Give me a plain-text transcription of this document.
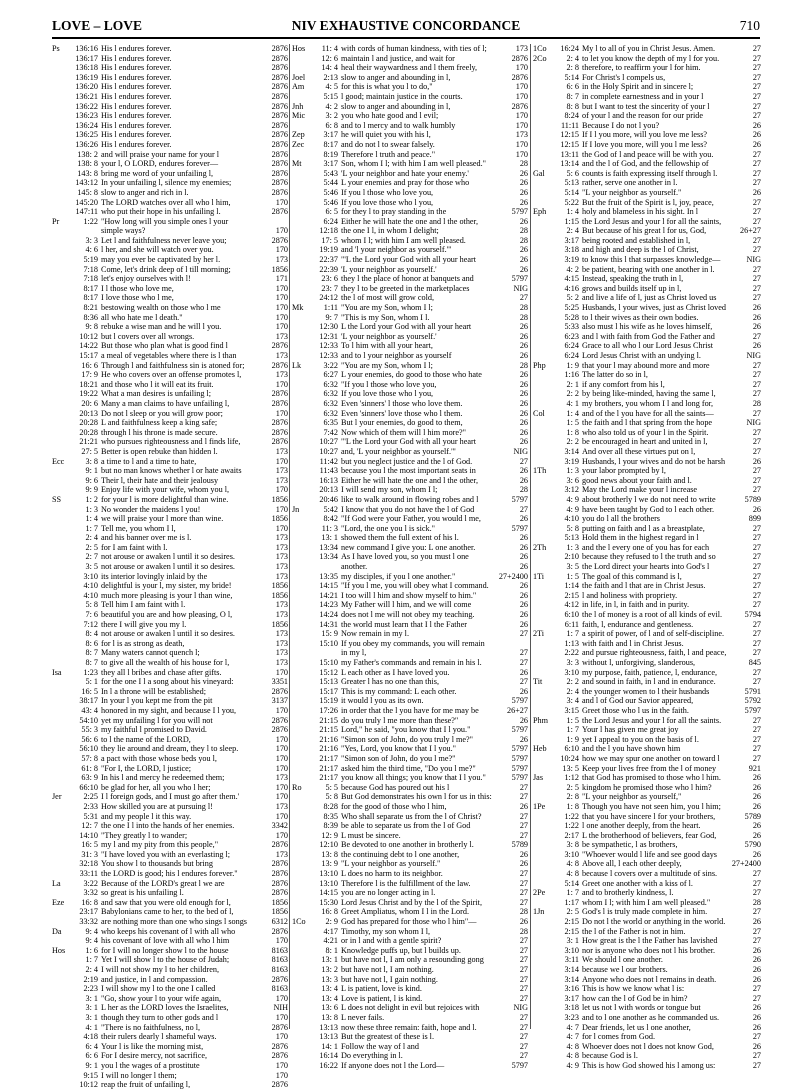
LOVE – LOVE	NIV EXHAUSTIVE CONCORDANCE	710
Ps	136:16 His l endures forever.	2876
136:17 His l endures forever.	2876
136:18 His l endures forever.	2876
136:19 His l endures forever.	2876
136:20 His l endures forever.	2876
136:21 His l endures forever.	2876
136:22 His l endures forever.	2876
136:23 His l endures forever.	2876
136:24 His l endures forever.	2876
136:25 His l endures forever.	2876
136:26 His l endures forever.	2876
138: 2 and will praise your name for your l	2876
138: 8 your l, O LORD, endures forever—	2876
143: 8 bring me word of your unfailing l,	2876
143:12 In your unfailing l, silence my enemies;	2876
145: 8 slow to anger and rich in l.	2876
145:20 The LORD watches over all who l him,	170
147:11 who put their hope in his unfailing l.	2876
Pr	1:22 "How long will you simple ones l your
simple ways?	170
3: 3 Let l and faithfulness never leave you;	2876
4: 6 l her, and she will watch over you.	170
5:19 may you ever be captivated by her l.	173
7:18 Come, let's drink deep of l till morning;	1856
7:18 let's enjoy ourselves with l!	171
8:17 I l those who love me,	170
8:17 I love those who l me,	170
8:21 bestowing wealth on those who l me	170
8:36 all who hate me l death."	170
9: 8 rebuke a wise man and he will l you.	170
10:12 but l covers over all wrongs.	173
14:22 But those who plan what is good find l	2876
15:17 a meal of vegetables where there is l than	173
16: 6 Through l and faithfulness sin is atoned for;	2876
17: 9 He who covers over an offense promotes l,	173
18:21 and those who l it will eat its fruit.	170
19:22 What a man desires is unfailing l;	2876
20: 6 Many a man claims to have unfailing l,	2876
20:13 Do not l sleep or you will grow poor;	170
20:28 L and faithfulness keep a king safe;	2876
20:28 through l his throne is made secure.	2876
21:21 who pursues righteousness and l finds life,	2876
27: 5 Better is open rebuke than hidden l.	173
Ecc	3: 8 a time to l and a time to hate,	170
9: 1 but no man knows whether l or hate awaits	173
9: 6 Their l, their hate and their jealousy	173
9: 9 Enjoy life with your wife, whom you l,	170
SS	1: 2 for your l is more delightful than wine.	1856
1: 3 No wonder the maidens l you!	170
1: 4 we will praise your l more than wine.	1856
1: 7 Tell me, you whom I l,	170
2: 4 and his banner over me is l.	173
2: 5 for I am faint with l.	173
2: 7 not arouse or awaken l until it so desires.	173
3: 5 not arouse or awaken l until it so desires.	173
3:10 its interior lovingly inlaid by the	173
4:10 delightful is your l, my sister, my bride!	1856
4:10 much more pleasing is your l than wine,	1856
5: 8 Tell him I am faint with l.	173
7: 6 beautiful you are and how pleasing, O l,	173
7:12 there I will give you my l.	1856
8: 4 not arouse or awaken l until it so desires.	173
8: 6 for l is as strong as death,	173
8: 7 Many waters cannot quench l;	173
8: 7 to give all the wealth of his house for l,	173
Isa	1:23 they all l bribes and chase after gifts.	170
5: 1 for the one I l a song about his vineyard:	3351
16: 5 In l a throne will be established;	2876
38:17 In your l you kept me from the pit	3137
43: 4 honored in my sight, and because I l you,	170
54:10 yet my unfailing l for you will not	2876
55: 3 my faithful l promised to David.	2876
56: 6 to l the name of the LORD,	170
56:10 they lie around and dream, they l to sleep.	170
57: 8 a pact with those whose beds you l,	170
61: 8 "For I, the LORD, l justice;	170
63: 9 In his l and mercy he redeemed them;	173
66:10 be glad for her, all you who l her;	170
Jer	2:25 I l foreign gods, and I must go after them.'	170
2:33 How skilled you are at pursuing l!	173
5:31 and my people l it this way.	170
12: 7 the one I l into the hands of her enemies.	3342
14:10 "They greatly l to wander;	170
16: 5 my l and my pity from this people,"	2876
31: 3 "I have loved you with an everlasting l;	173
32:18 You show l to thousands but bring	2876
33:11 the LORD is good; his l endures forever."	2876
La	3:22 Because of the LORD's great l we are	2876
3:32 so great is his unfailing l.	2876
Eze	16: 8 and saw that you were old enough for l,	1856
23:17 Babylonians came to her, to the bed of l,	1856
33:32 are nothing more than one who sings l songs	6312
Da	9: 4 who keeps his covenant of l with all who	2876
9: 4 his covenant of love with all who l him	170
Hos	1: 6 for I will no longer show l to the house	8163
1: 7 Yet I will show l to the house of Judah;	8163
2: 4 I will not show my l to her children,	8163
2:19 and justice, in l and compassion.	2876
2:23 I will show my l to the one I called	8163
3: 1 "Go, show your l to your wife again,	170
3: 1 L her as the LORD loves the Israelites,	NIH
3: 1 though they turn to other gods and l	170
4: 1 "There is no faithfulness, no l,	2876
4:18 their rulers dearly l shameful ways.	170
6: 4 Your l is like the morning mist,	2876
6: 6 For I desire mercy, not sacrifice,	2876
9: 1 you l the wages of a prostitute	170
9:15 I will no longer l them;	170
10:12 reap the fruit of unfailing l,	2876
Hos	11: 4 with cords of human kindness, with ties of l;	173
12: 6 maintain l and justice, and wait for	2876
14: 4 heal their waywardness and l them freely,	170
Joel	2:13 slow to anger and abounding in l,	2876
Am	4: 5 for this is what you l to do,"	170
5:15 l good; maintain justice in the courts.	170
Jnh	4: 2 slow to anger and abounding in l,	2876
Mic	3: 2 you who hate good and l evil;	170
6: 8 and to l mercy and to walk humbly	170
Zep	3:17 he will quiet you with his l,	173
Zec	8:17 and do not l to swear falsely.	170
8:19 Therefore l truth and peace."	170
Mt	3:17 Son, whom I l; with him I am well pleased."	28
5:43 'L your neighbor and hate your enemy.'	26
5:44 L your enemies and pray for those who	26
5:46 If you l those who love you,	26
5:46 If you love those who l you,	26
6: 5 for they l to pray standing in the	5797
6:24 Either he will hate the one and l the other,	26
12:18 the one I l, in whom I delight;	28
17: 5 whom I l; with him I am well pleased.	28
19:19 and 'l your neighbor as yourself.'"	26
22:37 "'L the Lord your God with all your heart	26
22:39 'L your neighbor as yourself.'	26
23: 6 they l the place of honor at banquets and	5797
23: 7 they l to be greeted in the marketplaces	NIG
24:12 the l of most will grow cold,	27
Mk	1:11 "You are my Son, whom I l;	28
9: 7 "This is my Son, whom I l.	28
12:30 L the Lord your God with all your heart	26
12:31 'L your neighbor as yourself.'	26
12:33 To l him with all your heart,	26
12:33 and to l your neighbor as yourself	26
Lk	3:22 "You are my Son, whom I l;	28
6:27 L your enemies, do good to those who hate	26
6:32 "If you l those who love you,	26
6:32 If you love those who l you,	26
6:32 Even 'sinners' l those who love them.	26
6:32 Even 'sinners' love those who l them.	26
6:35 But l your enemies, do good to them,	26
7:42 Now which of them will l him more?"	26
10:27 "'L the Lord your God with all your heart	26
10:27 and, 'L your neighbor as yourself.'"	NIG
11:42 but you neglect justice and the l of God.	27
11:43 because you l the most important seats in	26
16:13 Either he will hate the one and l the other,	26
20:13 I will send my son, whom I l;	28
20:46 like to walk around in flowing robes and l	5797
Jn	5:42 I know that you do not have the l of God	27
8:42 "If God were your Father, you would l me,	26
11: 3 "Lord, the one you l is sick."	5797
13: 1 showed them the full extent of his l.	26
13:34 new command I give you: L one another.	26
13:34 As I have loved you, so you must l one	26
another.	26
13:35 my disciples, if you l one another."	27+2400
14:15 "If you l me, you will obey what I command.	26
14:21 I too will l him and show myself to him."	26
14:23 My Father will l him, and we will come	26
14:24 does not l me will not obey my teaching.	26
14:31 the world must learn that I l the Father	26
15: 9 Now remain in my l.	27
15:10 If you obey my commands, you will remain
in my l,	27
15:10 my Father's commands and remain in his l.	27
15:12 L each other as I have loved you.	26
15:13 Greater l has no one than this,	27
15:17 This is my command: L each other.	26
15:19 it would l you as its own.	5797
17:26 in order that the l you have for me may be	26+27
21:15 do you truly l me more than these?"	26
21:15 Lord," he said, "you know that I l you."	5797
21:16 "Simon son of John, do you truly l me?"	26
21:16 "Yes, Lord, you know that I l you."	5797
21:17 "Simon son of John, do you l me?"	5797
21:17 asked him the third time, "Do you l me?"	5797
21:17 you know all things; you know that I l you."	5797
Ro	5: 5 because God has poured out his l	27
5: 8 But God demonstrates his own l for us in this:	27
8:28 for the good of those who l him,	26
8:35 Who shall separate us from the l of Christ?	27
8:39 be able to separate us from the l of God	27
12: 9 L must be sincere.	27
12:10 Be devoted to one another in brotherly l.	5789
13: 8 the continuing debt to l one another,	26
13: 9 "L your neighbor as yourself."	26
13:10 L does no harm to its neighbor.	27
13:10 Therefore l is the fulfillment of the law.	27
14:15 you are no longer acting in l.	27
15:30 Lord Jesus Christ and by the l of the Spirit,	27
16: 8 Greet Ampliatus, whom I l in the Lord.	28
1Co	2: 9 God has prepared for those who l him"—	26
4:17 Timothy, my son whom I l,	28
4:21 or in l and with a gentle spirit?	27
8: 1 Knowledge puffs up, but l builds up.	27
13: 1 but have not l, I am only a resounding gong	27
13: 2 but have not l, I am nothing.	27
13: 3 but have not l, I gain nothing.	27
13: 4 L is patient, love is kind.	27
13: 4 Love is patient, l is kind.	27
13: 6 L does not delight in evil but rejoices with	NIG
13: 8 L never fails.	27
13:13 now these three remain: faith, hope and l.	27
13:13 But the greatest of these is l.	27
14: 1 Follow the way of l and	27
16:14 Do everything in l.	27
16:22 If anyone does not l the Lord—	5797
1Co	16:24 My l to all of you in Christ Jesus. Amen.	27
2Co	2: 4 to let you know the depth of my l for you.	27
2: 8 therefore, to reaffirm your l for him.	27
5:14 For Christ's l compels us,	27
6: 6 in the Holy Spirit and in sincere l;	27
8: 7 in complete earnestness and in your l	27
8: 8 but I want to test the sincerity of your l	27
8:24 of your l and the reason for our pride	27
11:11 Because I do not l you?	26
12:15 If I l you more, will you love me less?	26
12:15 If I love you more, will you l me less?	26
13:11 the God of l and peace will be with you.	27
13:14 and the l of God, and the fellowship of	27
Gal	5: 6 counts is faith expressing itself through l.	27
5:13 rather, serve one another in l.	27
5:14 "L your neighbor as yourself."	26
5:22 But the fruit of the Spirit is l, joy, peace,	27
Eph	1: 4 holy and blameless in his sight. In l	27
1:15 the Lord Jesus and your l for all the saints,	27
2: 4 But because of his great l for us, God,	26+27
3:17 being rooted and established in l,	27
3:18 and high and deep is the l of Christ,	27
3:19 to know this l that surpasses knowledge—	NIG
4: 2 be patient, bearing with one another in l.	27
4:15 Instead, speaking the truth in l,	27
4:16 grows and builds itself up in l,	27
5: 2 and live a life of l, just as Christ loved us	27
5:25 Husbands, l your wives, just as Christ loved	26
5:28 to l their wives as their own bodies.	26
5:33 also must l his wife as he loves himself,	26
6:23 and l with faith from God the Father and	27
6:24 Grace to all who l our Lord Jesus Christ	26
6:24 Lord Jesus Christ with an undying l.	NIG
Php	1: 9 that your l may abound more and more	27
1:16 The latter do so in l,	27
2: 1 if any comfort from his l,	27
2: 2 by being like-minded, having the same l,	27
4: 1 my brothers, you whom I l and long for,	28
Col	1: 4 and of the l you have for all the saints—	27
1: 5 the faith and l that spring from the hope	NIG
1: 8 who also told us of your l in the Spirit.	27
2: 2 be encouraged in heart and united in l,	27
3:14 And over all these virtues put on l,	27
3:19 Husbands, l your wives and do not be harsh	26
1Th	1: 3 your labor prompted by l,	27
3: 6 good news about your faith and l.	27
3:12 May the Lord make your l increase	27
4: 9 about brotherly l we do not need to write	5789
4: 9 have been taught by God to l each other.	26
4:10 you do l all the brothers	899
5: 8 putting on faith and l as a breastplate,	27
5:13 Hold them in the highest regard in l	27
2Th	1: 3 and the l every one of you has for each	27
2:10 because they refused to l the truth and so	27
3: 5 the Lord direct your hearts into God's l	27
1Ti	1: 5 The goal of this command is l,	27
1:14 the faith and l that are in Christ Jesus.	27
2:15 l and holiness with propriety.	27
4:12 in life, in l, in faith and in purity.	27
6:10 the l of money is a root of all kinds of evil.	5794
6:11 faith, l, endurance and gentleness.	27
2Ti	1: 7 a spirit of power, of l and of self-discipline.	27
1:13 with faith and l in Christ Jesus.	27
2:22 and pursue righteousness, faith, l and peace,	27
3: 3 without l, unforgiving, slanderous,	845
3:10 my purpose, faith, patience, l, endurance,	27
Tit	2: 2 and sound in faith, in l and in endurance.	27
2: 4 the younger women to l their husbands	5791
3: 4 and l of God our Savior appeared,	5792
3:15 Greet those who l us in the faith.	5797
Phm	1: 5 the Lord Jesus and your l for all the saints.	27
1: 7 Your l has given me great joy	27
1: 9 yet I appeal to you on the basis of l.	27
Heb	6:10 and the l you have shown him	27
10:24 how we may spur one another on toward l	27
13: 5 Keep your lives free from the l of money	921
Jas	1:12 that God has promised to those who l him.	26
2: 5 kingdom he promised those who l him?	26
2: 8 "L your neighbor as yourself,"	26
1Pe	1: 8 Though you have not seen him, you l him;	26
1:22 that you have sincere l for your brothers,	5789
1:22 l one another deeply, from the heart.	26
2:17 L the brotherhood of believers, fear God,	26
3: 8 be sympathetic, l as brothers,	5790
3:10 "Whoever would l life and see good days	26
4: 8 Above all, l each other deeply,	27+2400
4: 8 because l covers over a multitude of sins.	27
5:14 Greet one another with a kiss of l.	27
2Pe	1: 7 and to brotherly kindness, l.	27
1:17 whom I l; with him I am well pleased."	28
1Jn	2: 5 God's l is truly made complete in him.	27
2:15 Do not l the world or anything in the world.	26
2:15 the l of the Father is not in him.	27
3: 1 How great is the l the Father has lavished	27
3:10 nor is anyone who does not l his brother.	26
3:11 We should l one another.	26
3:14 because we l our brothers.	26
3:14 Anyone who does not l remains in death.	26
3:16 This is how we know what l is:	27
3:17 how can the l of God be in him?	27
3:18 let us not l with words or tongue but	26
3:23 and to l one another as he commanded us.	26
4: 7 Dear friends, let us l one another,	26
4: 7 for l comes from God.	27
4: 8 Whoever does not l does not know God,	26
4: 8 because God is l.	27
4: 9 This is how God showed his l among us:	27
